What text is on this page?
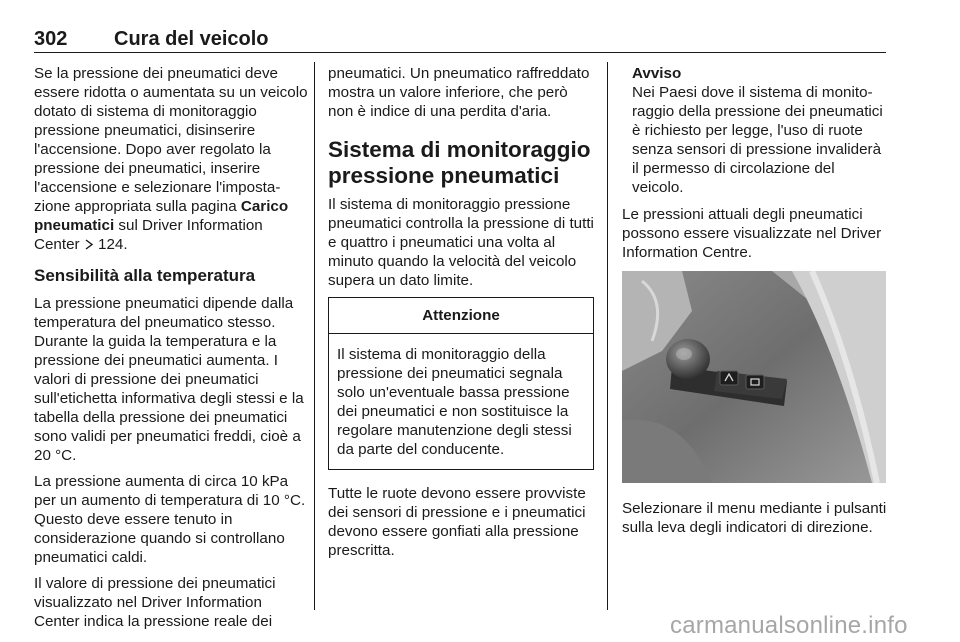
302 Cura del veicolo

Se la pressione dei pneumatici deve essere ridotta o aumentata su un veicolo dotato di sistema di monitoraggio pressione pneumatici, disinserire l'accensione. Dopo aver regolato la pressione dei pneumatici, inserire l'accensione e selezionare l'impostazione appropriata sulla pagina Carico pneumatici sul Driver Information Center  124.

Sensibilità alla temperatura

La pressione pneumatici dipende dalla temperatura del pneumatico stesso. Durante la guida la temperatura e la pressione dei pneumatici aumenta. I valori di pressione dei pneumatici sull'etichetta informativa degli stessi e la tabella della pressione dei pneumatici sono validi per pneumatici freddi, cioè a 20 °C.

La pressione aumenta di circa 10 kPa per un aumento di temperatura di 10 °C. Questo deve essere tenuto in considerazione quando si controllano pneumatici caldi.

Il valore di pressione dei pneumatici visualizzato nel Driver Information Center indica la pressione reale dei

pneumatici. Un pneumatico raffreddato mostra un valore inferiore, che però non è indice di una perdita d'aria.

Sistema di monitoraggio pressione pneumatici

Il sistema di monitoraggio pressione pneumatici controlla la pressione di tutti e quattro i pneumatici una volta al minuto quando la velocità del veicolo supera un dato limite.

Attenzione
Il sistema di monitoraggio della pressione dei pneumatici segnala solo un'eventuale bassa pressione dei pneumatici e non sostituisce la regolare manutenzione degli stessi da parte del conducente.

Tutte le ruote devono essere provviste dei sensori di pressione e i pneumatici devono essere gonfiati alla pressione prescritta.

Avviso
Nei Paesi dove il sistema di monitoraggio della pressione dei pneumatici è richiesto per legge, l'uso di ruote senza sensori di pressione invaliderà il permesso di circolazione del veicolo.

Le pressioni attuali degli pneumatici possono essere visualizzate nel Driver Information Centre.

Selezionare il menu mediante i pulsanti sulla leva degli indicatori di direzione.

carmanualsonline.info
